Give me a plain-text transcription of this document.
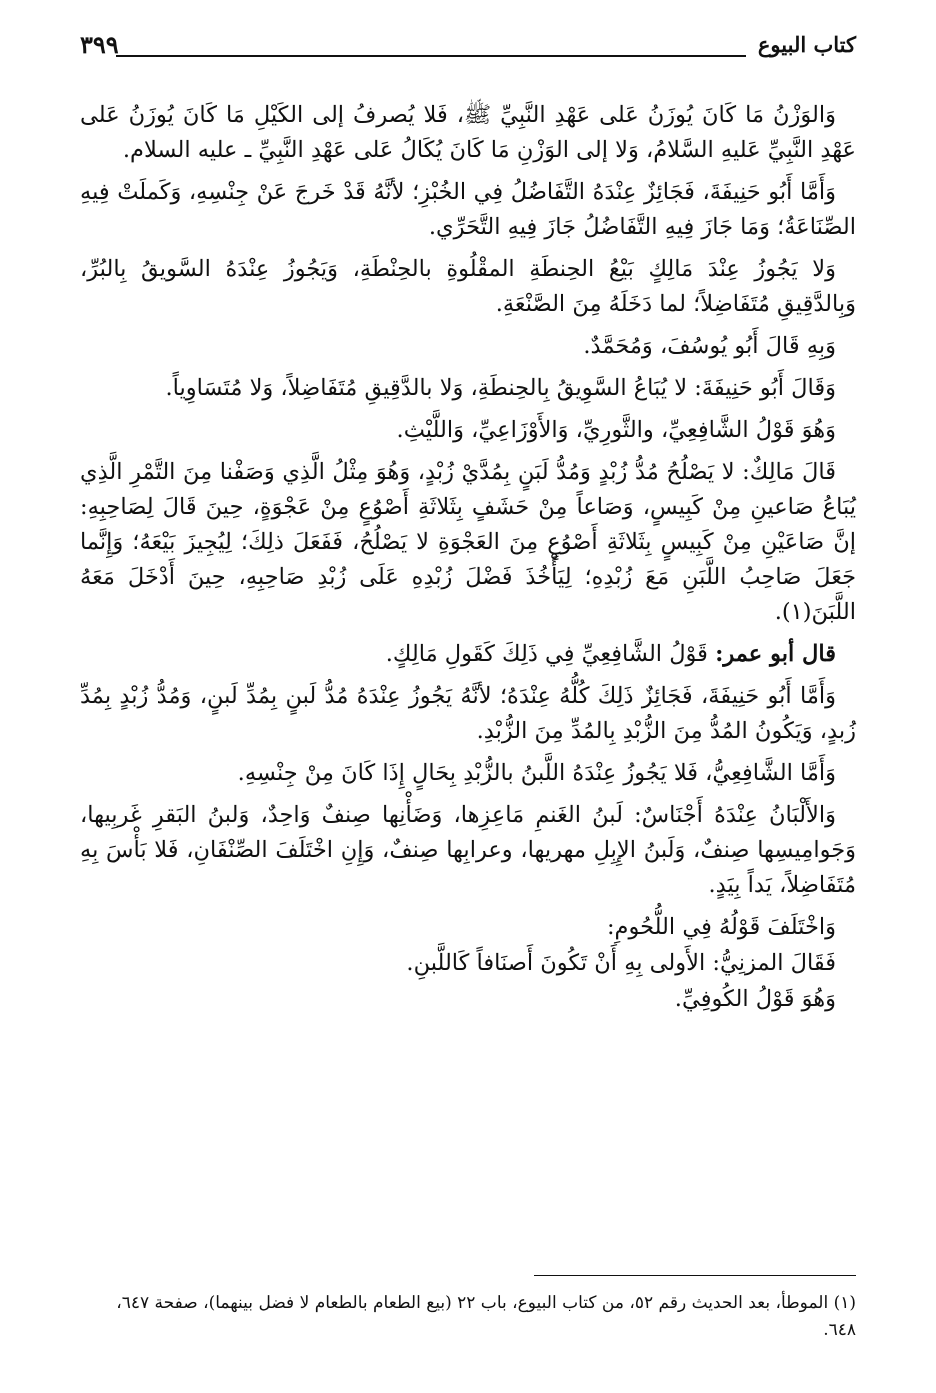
كتاب البيوع
٣٩٩

وَالوَزْنُ مَا كَانَ يُوزَنُ عَلى عَهْدِ النَّبِيِّ ﷺ، فَلا يُصرفُ إلى الكَيْلِ مَا كَانَ يُوزَنُ عَلى عَهْدِ النَّبِيِّ عَليهِ السَّلامُ، وَلا إلى الوَزْنِ مَا كَانَ يُكَالُ عَلى عَهْدِ النَّبِيِّ ـ عليه السلام.

وَأَمَّا أَبُو حَنِيفَةَ، فَجَائِزٌ عِنْدَهُ التَّفَاضُلُ فِي الخُبْزِ؛ لأنَّهُ قَدْ خَرجَ عَنْ جِنْسِهِ، وَكَملَتْ فِيهِ الصِّنَاعَةُ؛ وَمَا جَازَ فِيهِ التَّفَاضُلُ جَازَ فِيهِ التَّحَرِّي.

وَلا يَجُوزُ عِنْدَ مَالِكٍ بَيْعُ الحِنطَةِ المقْلُوةِ بالحِنْطَةِ، وَيَجُوزُ عِنْدَهُ السَّويقُ بِالبُرِّ، وَبِالدَّقِيقِ مُتَفَاضِلاً؛ لما دَخَلَهُ مِنَ الصَّنْعَةِ.

وَبِهِ قَالَ أَبُو يُوسُفَ، وَمُحَمَّدٌ.

وَقَالَ أَبُو حَنِيفَةَ: لا يُبَاعُ السَّوِيقُ بِالحِنطَةِ، وَلا بالدَّقِيقِ مُتَفَاضِلاً، وَلا مُتَسَاوِياً.

وَهُوَ قَوْلُ الشَّافِعِيِّ، والثَّورِيِّ، وَالأَوْزَاعِيِّ، وَاللَّيْثِ.

قَالَ مَالِكٌ: لا يَصْلُحُ مُدُّ زُبْدٍ وَمُدُّ لَبَنٍ بِمُدَّيْ زُبْدٍ، وَهُوَ مِثْلُ الَّذِي وَصَفْنا مِنَ التَّمْرِ الَّذِي يُبَاعُ صَاعينِ مِنْ كَبِيسٍ، وَصَاعاً مِنْ حَشَفٍ بِثَلاثَةِ أَصْوُعٍ مِنْ عَجْوَةٍ، حِينَ قَالَ لِصَاحِبِهِ: إنَّ صَاعَيْنِ مِنْ كَبِيسٍ بِثَلاثَةِ أَصْوُعٍ مِنَ العَجْوَةِ لا يَصْلُحُ، فَفَعَلَ ذلِكَ؛ لِيُجِيزَ بَيْعَهُ؛ وَإِنَّما جَعَلَ صَاحِبُ اللَّبَنِ مَعَ زُبْدِهِ؛ لِيَأْخُذَ فَضْلَ زُبْدِهِ عَلَى زُبْدِ صَاحِبِهِ، حِينَ أَدْخَلَ مَعَهُ اللَّبَنَ(١).

قال أبو عمر: قَوْلُ الشَّافِعِيِّ فِي ذَلِكَ كَقَولِ مَالِكٍ.

وَأَمَّا أَبُو حَنِيفَةَ، فَجَائِزٌ ذَلِكَ كُلُّهُ عِنْدَهُ؛ لأنَّهُ يَجُوزُ عِنْدَهُ مُدُّ لَبنٍ بِمُدِّ لَبنٍ، وَمُدُّ زُبْدٍ بِمُدِّ زُبدٍ، وَيَكُونُ المُدُّ مِنَ الزُّبْدِ بِالمُدِّ مِنَ الزُّبْدِ.

وَأَمَّا الشَّافِعِيُّ، فَلا يَجُوزُ عِنْدَهُ اللَّبنُ بالزُّبْدِ بِحَالٍ إِذَا كَانَ مِنْ جِنْسِهِ.

وَالأَلْبَانُ عِنْدَهُ أَجْنَاسٌ: لَبنُ الغَنمِ مَاعِزِها، وَضَأْنِها صِنفٌ وَاحِدٌ، وَلبنُ البَقرِ غَربِيها، وَجَوامِيسِها صِنفٌ، وَلَبنُ الإِبِلِ مهريها، وعرابِها صِنفٌ، وَإِنِ اخْتَلَفَ الصِّنْفَانِ، فَلا بَأْسَ بِهِ مُتَفَاضِلاً، يَداً بِيَدٍ.

وَاخْتَلَفَ قَوْلُهُ فِي اللُّحُومِ:

فَقَالَ المزنِيُّ: الأَولى بِهِ أَنْ تَكُونَ أَصنَافاً كَاللَّبنِ.

وَهُوَ قَوْلُ الكُوفِيِّ.

(١) الموطأ، بعد الحديث رقم ٥٢، من كتاب البيوع، باب ٢٢ (بيع الطعام بالطعام لا فضل بينهما)، صفحة ٦٤٧، ٦٤٨.
